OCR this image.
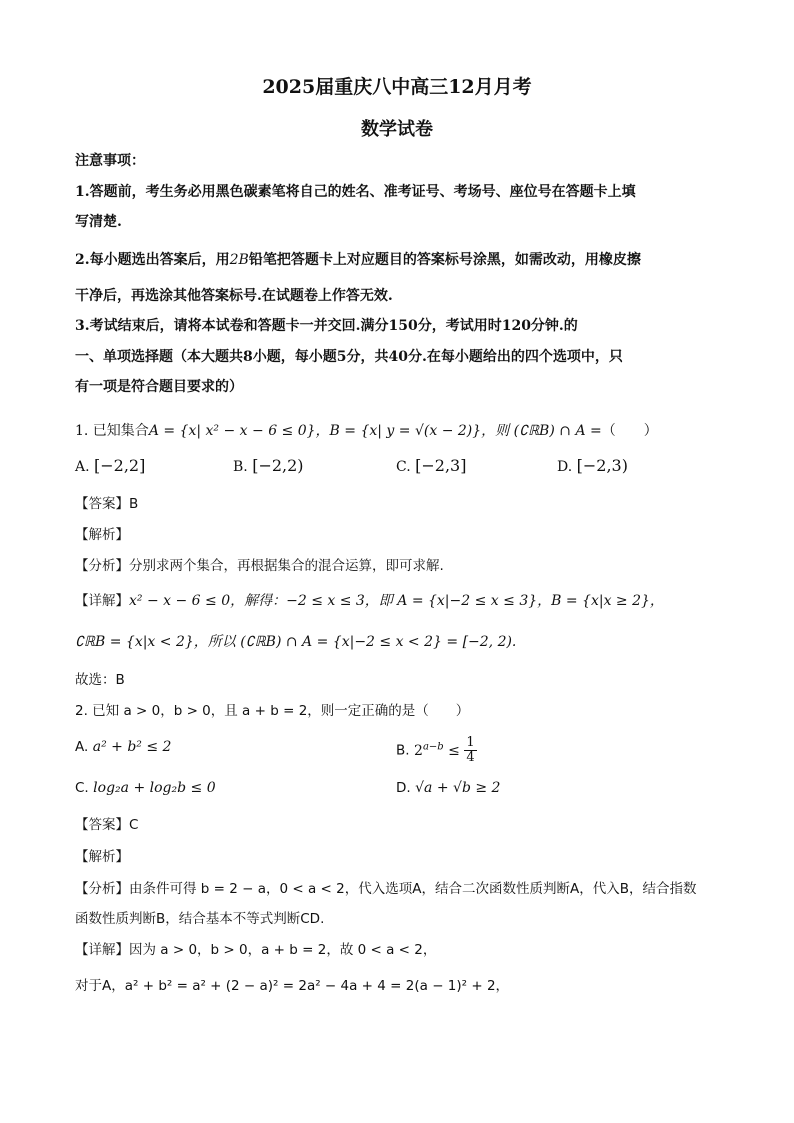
2025届重庆八中高三12月月考
数学试卷
注意事项：
1.答题前，考生务必用黑色碳素笔将自己的姓名、准考证号、考场号、座位号在答题卡上填
写清楚.
2.每小题选出答案后，用2B铅笔把答题卡上对应题目的答案标号涂黑，如需改动，用橡皮擦
干净后，再选涂其他答案标号.在试题卷上作答无效.
3.考试结束后，请将本试卷和答题卡一并交回.满分150分，考试用时120分钟.的
一、单项选择题（本大题共8小题，每小题5分，共40分.在每小题给出的四个选项中，只
有一项是符合题目要求的）
1. 已知集合A = {x| x² − x − 6 ≤ 0}，B = {x| y = √(x − 2)}，则 (∁ℝB) ∩ A =（　　）
A. [−2,2]	B. [−2,2)	C. [−2,3]	D. [−2,3)
【答案】B
【解析】
【分析】分别求两个集合，再根据集合的混合运算，即可求解.
【详解】x² − x − 6 ≤ 0，解得：−2 ≤ x ≤ 3，即 A = {x|−2 ≤ x ≤ 3}，B = {x|x ≥ 2}，
∁ℝB = {x|x < 2}，所以 (∁ℝB) ∩ A = {x|−2 ≤ x < 2} = [−2, 2).
故选：B
2. 已知 a > 0，b > 0，且 a + b = 2，则一定正确的是（　　）
A. a² + b² ≤ 2	B. $2^{a-b} \le \frac{1}{4}$
C. log₂a + log₂b ≤ 0	D. √a + √b ≥ 2
【答案】C
【解析】
【分析】由条件可得 b = 2 − a，0 < a < 2，代入选项A，结合二次函数性质判断A，代入B，结合指数
函数性质判断B，结合基本不等式判断CD.
【详解】因为 a > 0，b > 0，a + b = 2，故 0 < a < 2，
对于A，a² + b² = a² + (2 − a)² = 2a² − 4a + 4 = 2(a − 1)² + 2，
